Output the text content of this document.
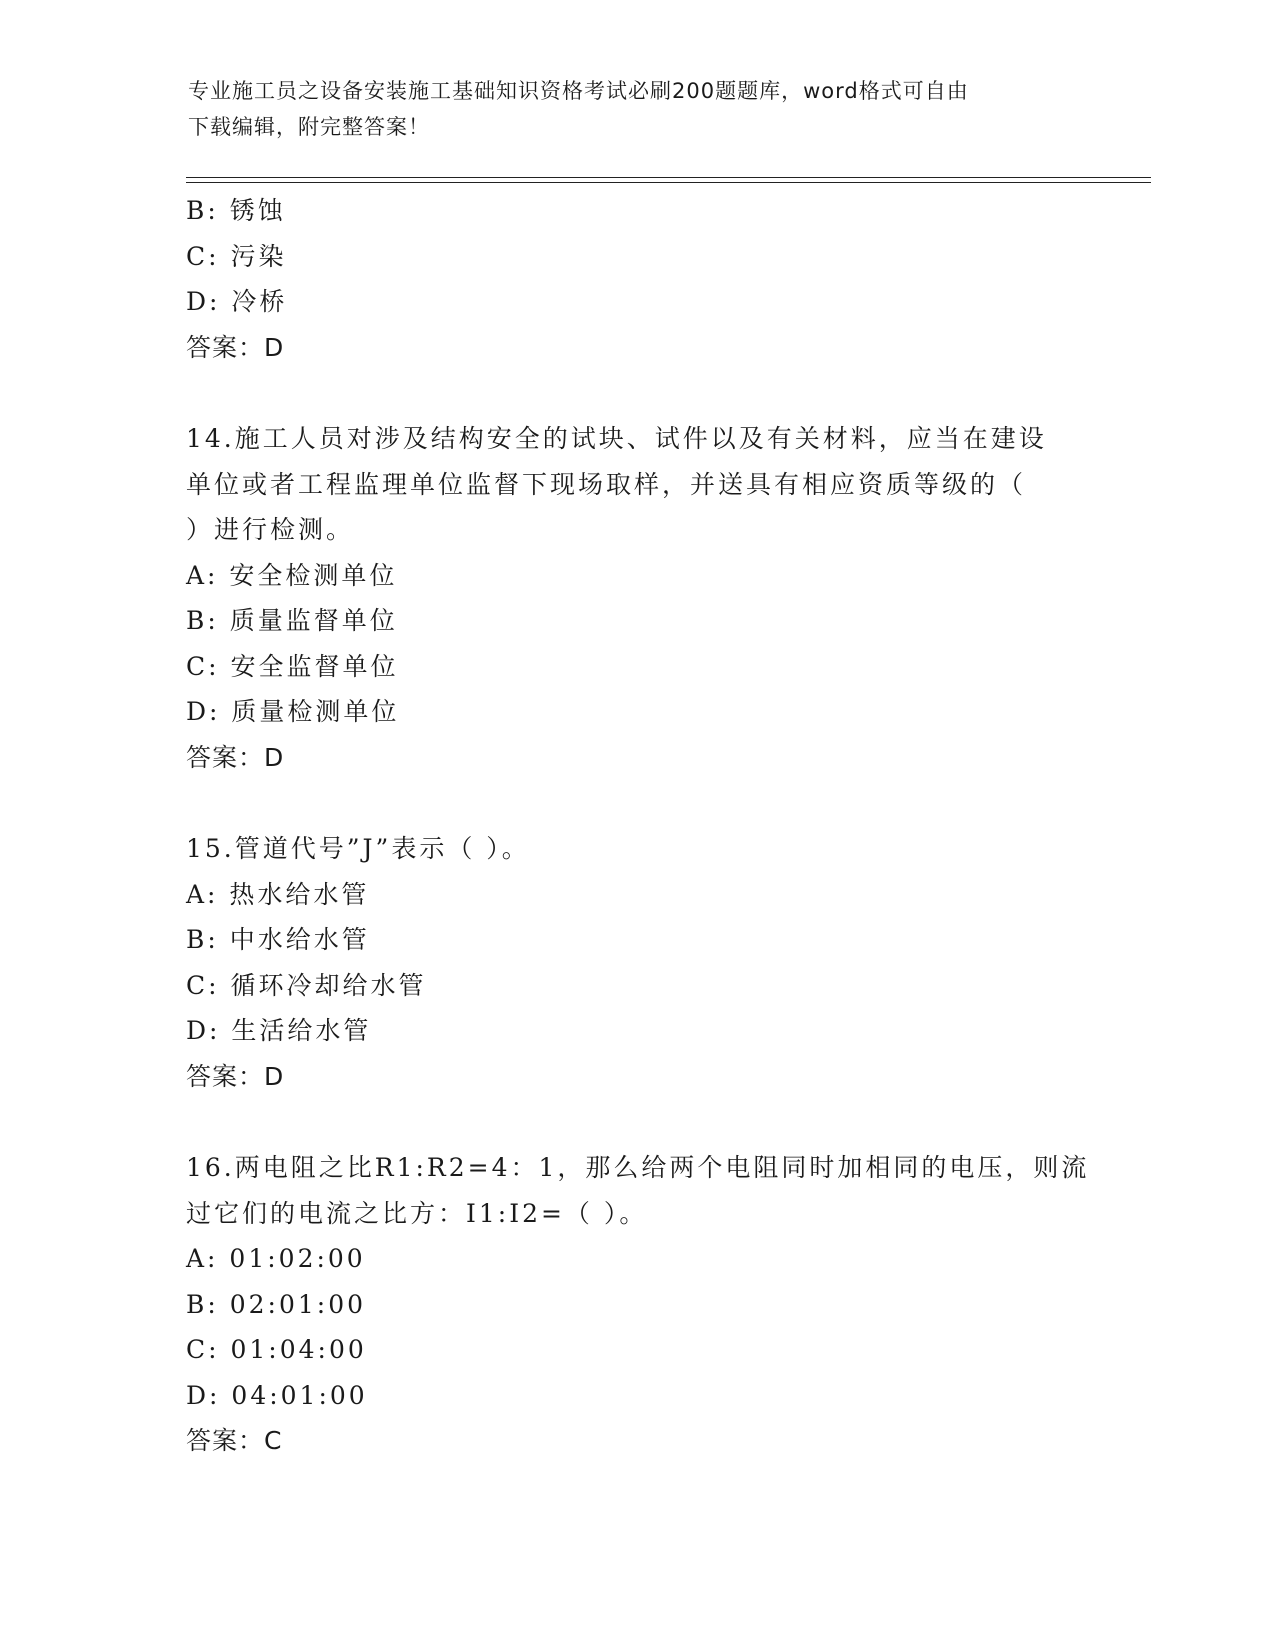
专业施工员之设备安装施工基础知识资格考试必刷200题题库，word格式可自由
下载编辑，附完整答案！
B: 锈蚀
C: 污染
D: 冷桥
答案：D
14.施工人员对涉及结构安全的试块、试件以及有关材料，应当在建设
单位或者工程监理单位监督下现场取样，并送具有相应资质等级的（
）进行检测。
A: 安全检测单位
B: 质量监督单位
C: 安全监督单位
D: 质量检测单位
答案：D
15.管道代号”J”表示（ ）。
A: 热水给水管
B: 中水给水管
C: 循环冷却给水管
D: 生活给水管
答案：D
16.两电阻之比R1:R2=4：1，那么给两个电阻同时加相同的电压，则流
过它们的电流之比方：I1:I2=（ ）。
A: 01:02:00
B: 02:01:00
C: 01:04:00
D: 04:01:00
答案：C
